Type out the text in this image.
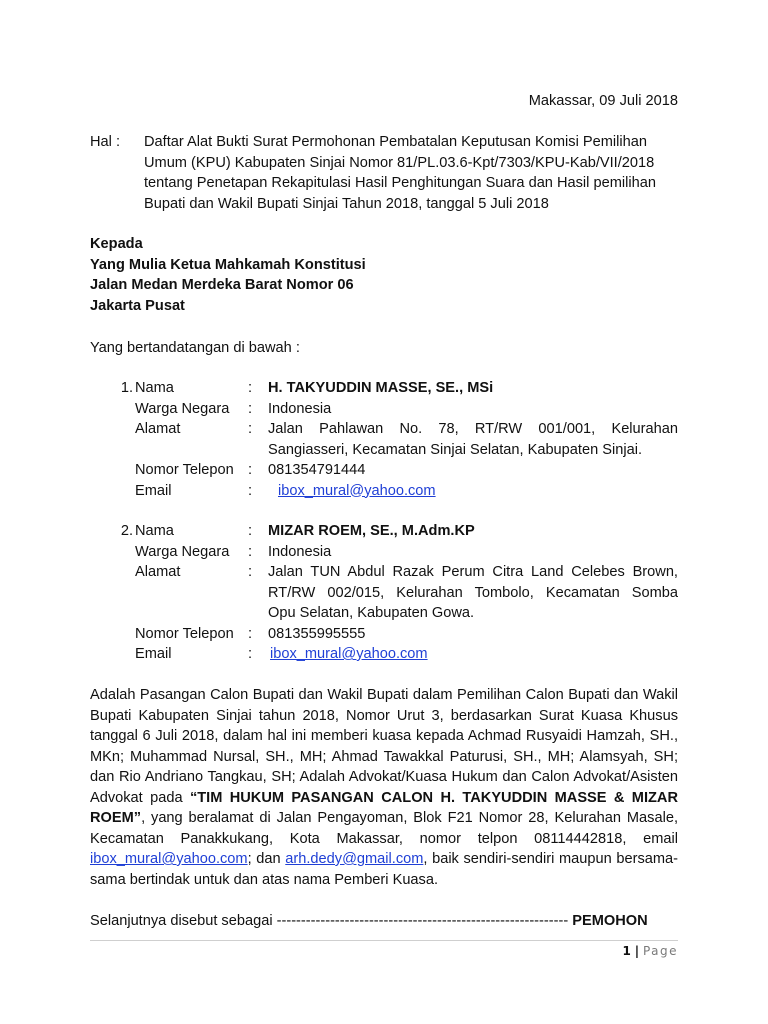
Makassar, 09 Juli 2018
Hal : Daftar Alat Bukti Surat Permohonan Pembatalan Keputusan Komisi Pemilihan
Umum (KPU) Kabupaten Sinjai Nomor 81/PL.03.6-Kpt/7303/KPU-Kab/VII/2018
tentang Penetapan Rekapitulasi Hasil Penghitungan Suara dan Hasil pemilihan
Bupati dan Wakil Bupati Sinjai Tahun 2018, tanggal 5 Juli 2018
Kepada
Yang Mulia Ketua Mahkamah Konstitusi
Jalan Medan Merdeka Barat Nomor 06
Jakarta Pusat
Yang bertandatangan di bawah :
1. Nama	:	H. TAKYUDDIN MASSE, SE., MSi
Warga Negara	:	Indonesia
Alamat	:	Jalan Pahlawan No. 78, RT/RW 001/001, Kelurahan
Sangiasseri, Kecamatan Sinjai Selatan, Kabupaten Sinjai.
Nomor Telepon :	081354791444
Email	:	ibox_mural@yahoo.com
2. Nama	:	MIZAR ROEM, SE., M.Adm.KP
Warga Negara	:	Indonesia
Alamat	:	Jalan TUN Abdul Razak Perum Citra Land Celebes Brown,
RT/RW 002/015, Kelurahan Tombolo, Kecamatan Somba
Opu Selatan, Kabupaten Gowa.
Nomor Telepon :	081355995555
Email	:	ibox_mural@yahoo.com
Adalah Pasangan Calon Bupati dan Wakil Bupati dalam Pemilihan Calon Bupati dan Wakil Bupati Kabupaten Sinjai tahun 2018, Nomor Urut 3, berdasarkan Surat Kuasa Khusus tanggal 6 Juli 2018, dalam hal ini memberi kuasa kepada Achmad Rusyaidi Hamzah, SH., MKn; Muhammad Nursal, SH., MH; Ahmad Tawakkal Paturusi, SH., MH; Alamsyah, SH; dan Rio Andriano Tangkau, SH; Adalah Advokat/Kuasa Hukum dan Calon Advokat/Asisten Advokat pada “TIM HUKUM PASANGAN CALON H. TAKYUDDIN MASSE & MIZAR ROEM”, yang beralamat di Jalan Pengayoman, Blok F21 Nomor 28, Kelurahan Masale, Kecamatan Panakkukang, Kota Makassar, nomor telpon 08114442818, email ibox_mural@yahoo.com; dan arh.dedy@gmail.com, baik sendiri-sendiri maupun bersama-sama bertindak untuk dan atas nama Pemberi Kuasa.
Selanjutnya disebut sebagai ------------------------------------------------------------ PEMOHON
1 | Page
